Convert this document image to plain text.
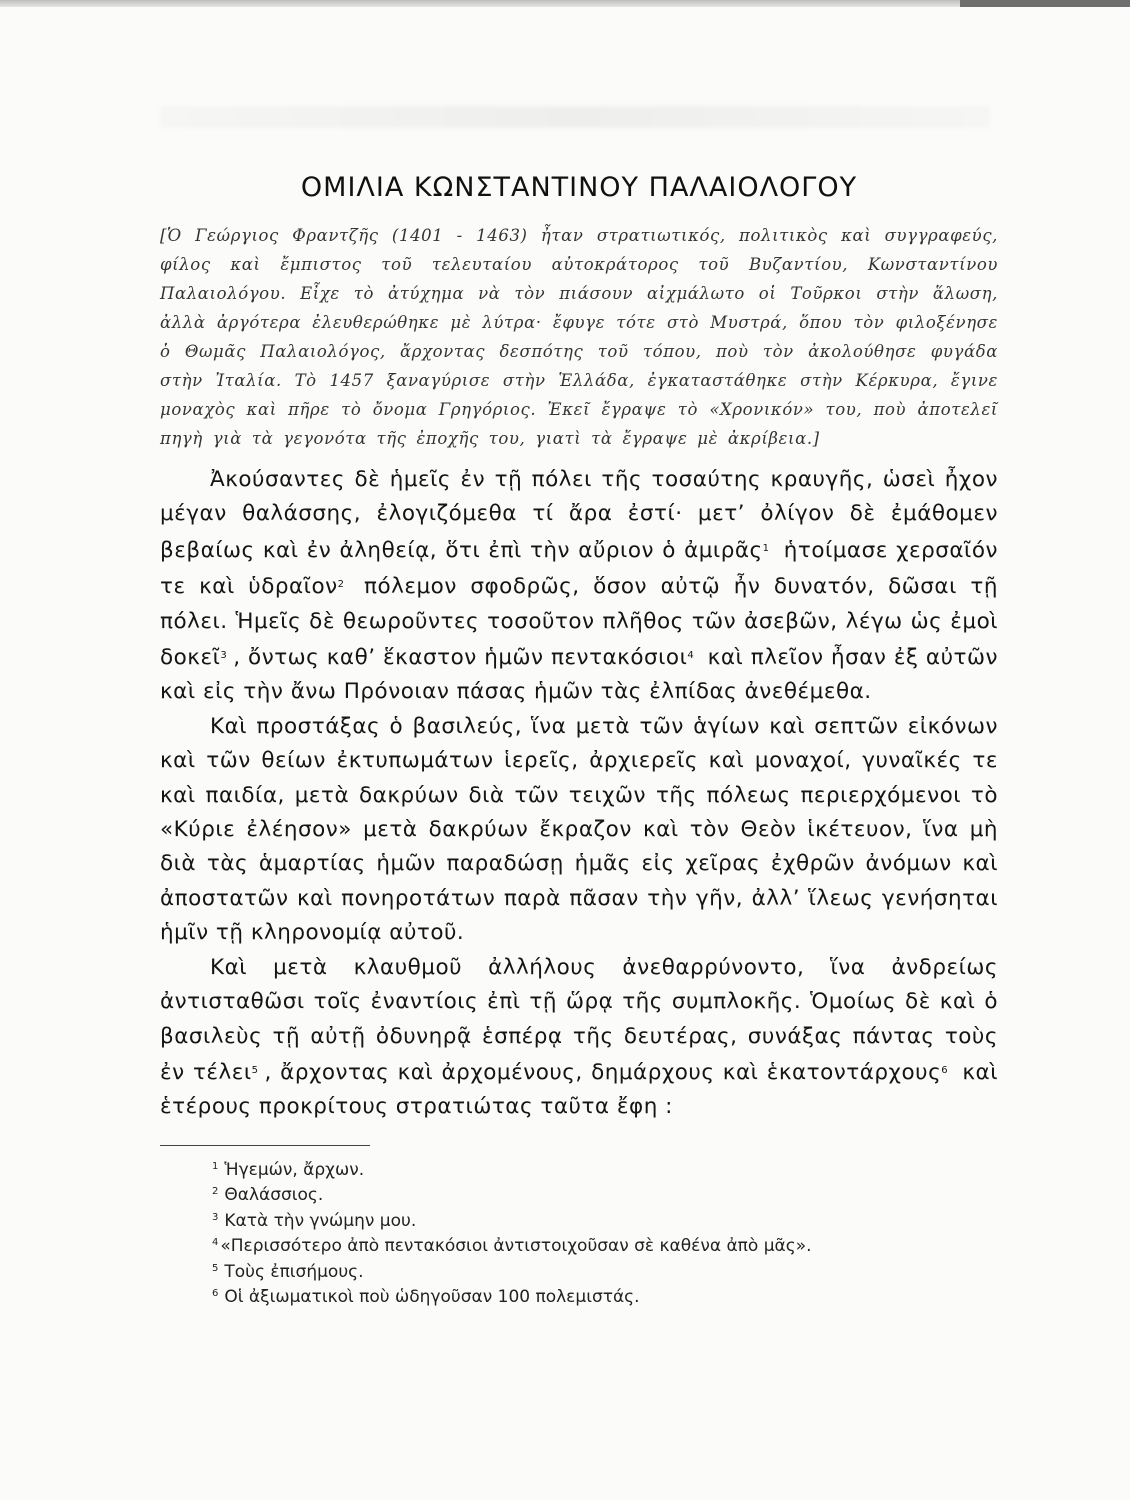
ΟΜΙΛΙΑ ΚΩΝΣΤΑΝΤΙΝΟΥ ΠΑΛΑΙΟΛΟΓΟΥ

[Ὁ Γεώργιος Φραντζῆς (1401 - 1463) ἦταν στρατιωτικός, πολιτικὸς καὶ συγγραφεύς, φίλος καὶ ἔμπιστος τοῦ τελευταίου αὐτοκράτορος τοῦ Βυζαντίου, Κωνσταντίνου Παλαιολόγου. Εἶχε τὸ ἀτύχημα νὰ τὸν πιάσουν αἰχμάλωτο οἱ Τοῦρκοι στὴν ἅλωση, ἀλλὰ ἀργότερα ἐλευθερώθηκε μὲ λύτρα· ἔφυγε τότε στὸ Μυστρά, ὅπου τὸν φιλοξένησε ὁ Θωμᾶς Παλαιολόγος, ἄρχοντας δεσπότης τοῦ τόπου, ποὺ τὸν ἀκολούθησε φυγάδα στὴν Ἰταλία. Τὸ 1457 ξαναγύρισε στὴν Ἑλλάδα, ἐγκαταστάθηκε στὴν Κέρκυρα, ἔγινε μοναχὸς καὶ πῆρε τὸ ὄνομα Γρηγόριος. Ἐκεῖ ἔγραψε τὸ «Χρονικόν» του, ποὺ ἀποτελεῖ πηγὴ γιὰ τὰ γεγονότα τῆς ἐποχῆς του, γιατὶ τὰ ἔγραψε μὲ ἀκρίβεια.]

Ἀκούσαντες δὲ ἡμεῖς ἐν τῇ πόλει τῆς τοσαύτης κραυγῆς, ὡσεὶ ἦχον μέγαν θαλάσσης, ἐλογιζόμεθα τί ἄρα ἐστί· μετ’ ὀλίγον δὲ ἐμάθομεν βεβαίως καὶ ἐν ἀληθείᾳ, ὅτι ἐπὶ τὴν αὔριον ὁ ἀμιρᾶς$^1$ ἡτοίμασε χερσαῖόν τε καὶ ὑδραῖον$^2$ πόλεμον σφοδρῶς, ὅσον αὐτῷ ἦν δυνατόν, δῶσαι τῇ πόλει. Ἡμεῖς δὲ θεωροῦντες τοσοῦτον πλῆθος τῶν ἀσεβῶν, λέγω ὡς ἐμοὶ δοκεῖ$^3$ , ὄντως καθ’ ἕκαστον ἡμῶν πεντακόσιοι$^4$ καὶ πλεῖον ἦσαν ἐξ αὐτῶν καὶ εἰς τὴν ἄνω Πρόνοιαν πάσας ἡμῶν τὰς ἐλπίδας ἀνεθέμεθα.

Καὶ προστάξας ὁ βασιλεύς, ἵνα μετὰ τῶν ἁγίων καὶ σεπτῶν εἰκόνων καὶ τῶν θείων ἐκτυπωμάτων ἱερεῖς, ἀρχιερεῖς καὶ μοναχοί, γυναῖκές τε καὶ παιδία, μετὰ δακρύων διὰ τῶν τειχῶν τῆς πόλεως περιερχόμενοι τὸ «Κύριε ἐλέησον» μετὰ δακρύων ἔκραζον καὶ τὸν Θεὸν ἱκέτευον, ἵνα μὴ διὰ τὰς ἁμαρτίας ἡμῶν παραδώσῃ ἡμᾶς εἰς χεῖρας ἐχθρῶν ἀνόμων καὶ ἀποστατῶν καὶ πονηροτάτων παρὰ πᾶσαν τὴν γῆν, ἀλλ’ ἵλεως γενήσηται ἡμῖν τῇ κληρονομίᾳ αὐτοῦ.

Καὶ μετὰ κλαυθμοῦ ἀλλήλους ἀνεθαρρύνοντο, ἵνα ἀνδρείως ἀντισταθῶσι τοῖς ἐναντίοις ἐπὶ τῇ ὥρᾳ τῆς συμπλοκῆς. Ὁμοίως δὲ καὶ ὁ βασιλεὺς τῇ αὐτῇ ὀδυνηρᾷ ἑσπέρᾳ τῆς δευτέρας, συνάξας πάντας τοὺς ἐν τέλει$^5$ , ἄρχοντας καὶ ἀρχομένους, δημάρχους καὶ ἑκατοντάρχους$^6$ καὶ ἑτέρους προκρίτους στρατιώτας ταῦτα ἔφη :

$^1$ Ἡγεμών, ἄρχων.

$^2$ Θαλάσσιος.

$^3$ Κατὰ τὴν γνώμην μου.

$^4$ «Περισσότερο ἀπὸ πεντακόσιοι ἀντιστοιχοῦσαν σὲ καθένα ἀπὸ μᾶς».

$^5$ Τοὺς ἐπισήμους.

$^6$ Οἱ ἀξιωματικοὶ ποὺ ὡδηγοῦσαν 100 πολεμιστάς.
